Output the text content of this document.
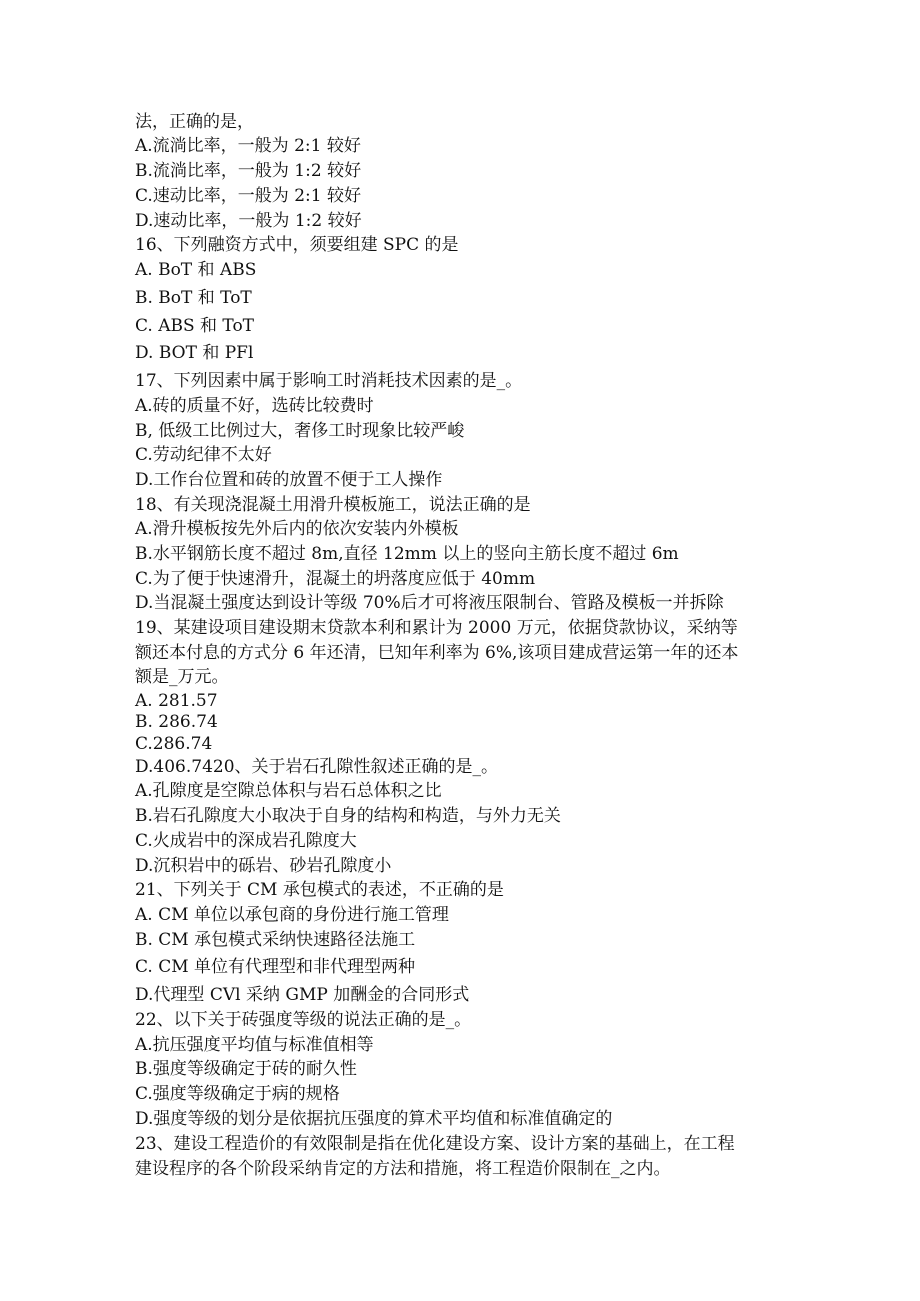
法，正确的是，
A.流淌比率，一般为 2:1 较好
B.流淌比率，一般为 1:2 较好
C.速动比率，一般为 2:1 较好
D.速动比率，一般为 1:2 较好
16、下列融资方式中，须要组建 SPC 的是
A. BoT 和 ABS
B. BoT 和 ToT
C. ABS 和 ToT
D. BOT 和 PFl
17、下列因素中属于影响工时消耗技术因素的是_。
A.砖的质量不好，选砖比较费时
B, 低级工比例过大，奢侈工时现象比较严峻
C.劳动纪律不太好
D.工作台位置和砖的放置不便于工人操作
18、有关现浇混凝土用滑升模板施工，说法正确的是
A.滑升模板按先外后内的依次安装内外模板
B.水平钢筋长度不超过 8m,直径 12mm 以上的竖向主筋长度不超过 6m
C.为了便于快速滑升，混凝土的坍落度应低于 40mm
D.当混凝土强度达到设计等级 70%后才可将液压限制台、管路及模板一并拆除
19、某建设项目建设期末贷款本利和累计为 2000 万元，依据贷款协议，采纳等
额还本付息的方式分 6 年还清，巳知年利率为 6%,该项目建成营运第一年的还本
额是_万元。
A. 281.57
B. 286.74
C.286.74
D.406.7420、关于岩石孔隙性叙述正确的是_。
A.孔隙度是空隙总体积与岩石总体积之比
B.岩石孔隙度大小取决于自身的结构和构造，与外力无关
C.火成岩中的深成岩孔隙度大
D.沉积岩中的砾岩、砂岩孔隙度小
21、下列关于 CM 承包模式的表述，不正确的是
A. CM 单位以承包商的身份进行施工管理
B. CM 承包模式采纳快速路径法施工
C. CM 单位有代理型和非代理型两种
D.代理型 CVl 采纳 GMP 加酬金的合同形式
22、以下关于砖强度等级的说法正确的是_。
A.抗压强度平均值与标准值相等
B.强度等级确定于砖的耐久性
C.强度等级确定于病的规格
D.强度等级的划分是依据抗压强度的算术平均值和标准值确定的
23、建设工程造价的有效限制是指在优化建设方案、设计方案的基础上，在工程
建设程序的各个阶段采纳肯定的方法和措施，将工程造价限制在_之内。
